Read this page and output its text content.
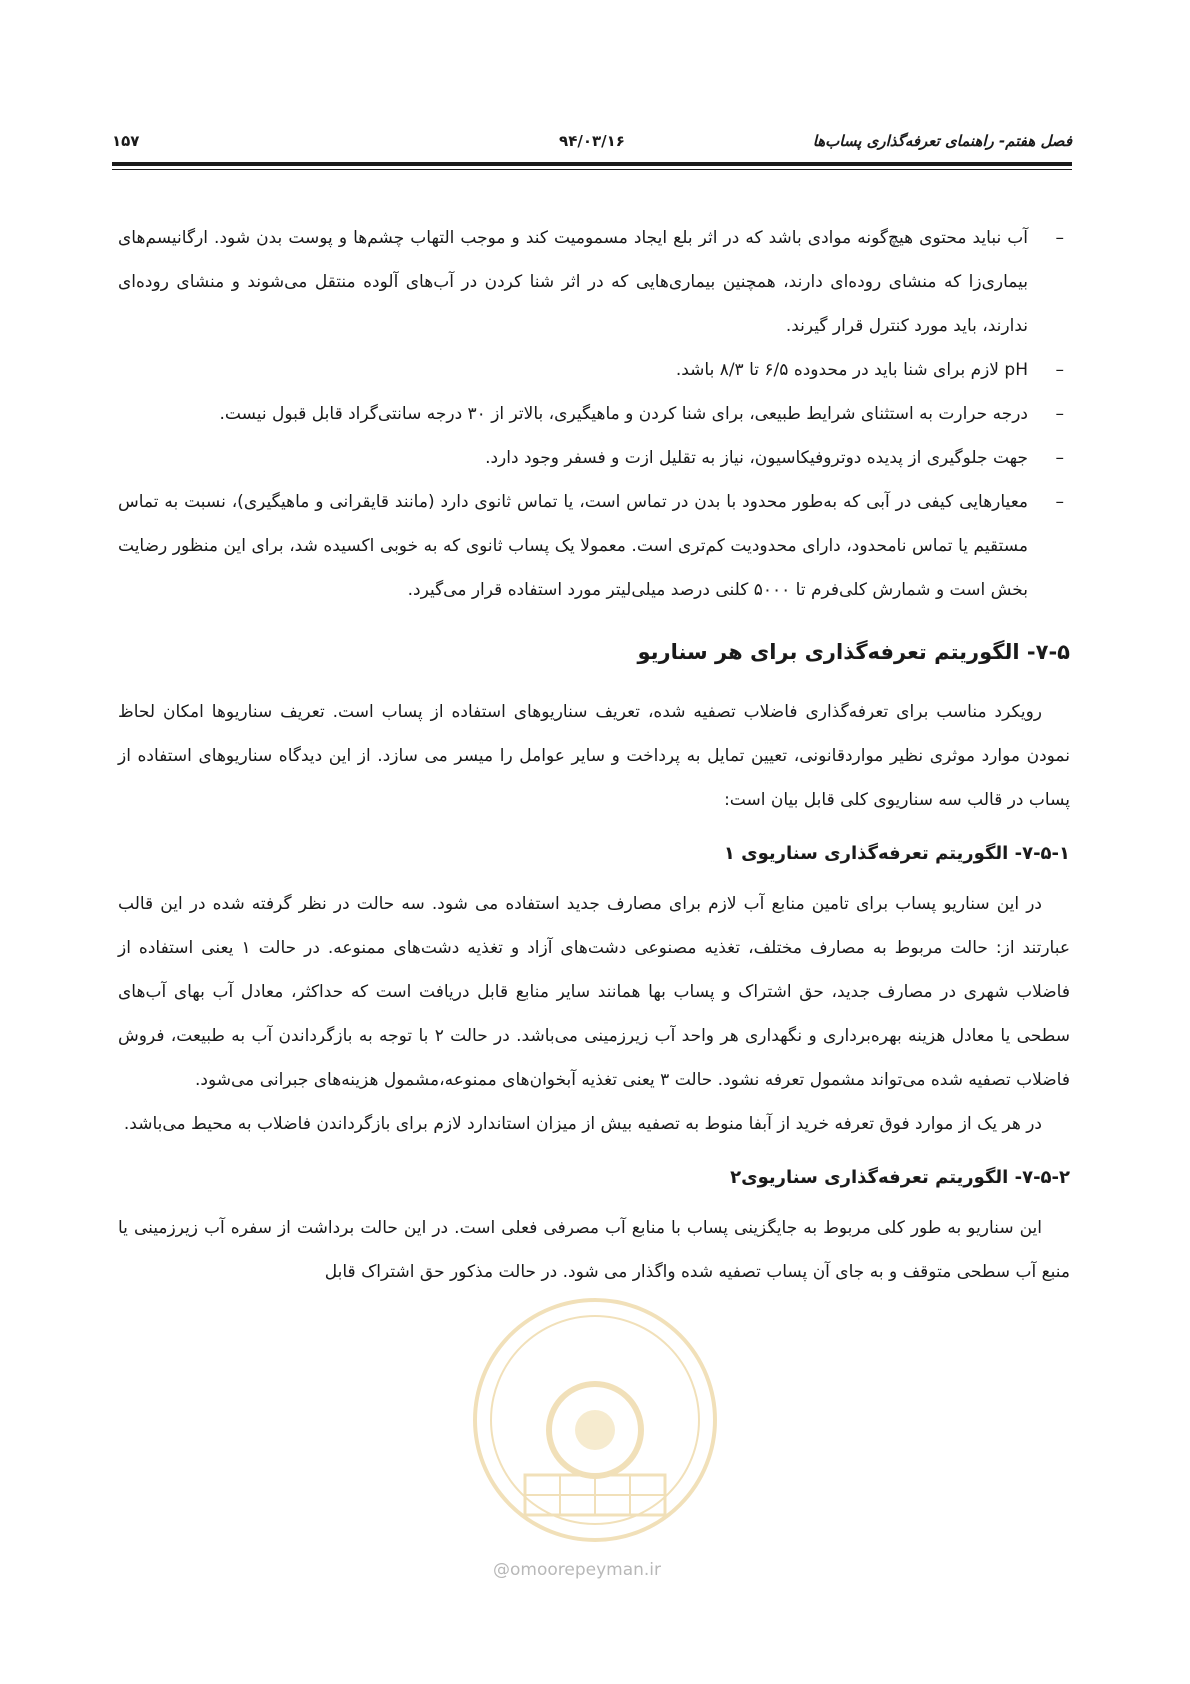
فصل هفتم- راهنمای تعرفه‌گذاری پساب‌ها
۹۴/۰۳/۱۶
۱۵۷
–
آب نباید محتوی هیچ‌گونه موادی باشد که در اثر بلع ایجاد مسمومیت کند و موجب التهاب چشم‌ها و پوست بدن شود. ارگانیسم‌های بیماری‌زا که منشای روده‌ای دارند، همچنین بیماری‌هایی که در اثر شنا کردن در آب‌های آلوده منتقل می‌شوند و منشای روده‌ای ندارند، باید مورد کنترل قرار گیرند.
–
pH لازم برای شنا باید در محدوده ۶/۵ تا ۸/۳ باشد.
–
درجه حرارت به استثنای شرایط طبیعی، برای شنا کردن و ماهیگیری، بالاتر از ۳۰ درجه سانتی‌گراد قابل قبول نیست.
–
جهت جلوگیری از پدیده دوتروفیکاسیون، نیاز به تقلیل ازت و فسفر وجود دارد.
–
معیارهایی کیفی در آبی که به‌طور محدود با بدن در تماس است، یا تماس ثانوی دارد (مانند قایقرانی و ماهیگیری)، نسبت به تماس مستقیم یا تماس نامحدود، دارای محدودیت کم‌تری است. معمولا یک پساب ثانوی که به خوبی اکسیده شد، برای این منظور رضایت بخش است و شمارش کلی‌فرم تا ۵۰۰۰ کلنی درصد میلی‌لیتر مورد استفاده قرار می‌گیرد.
۷-۵- الگوریتم تعرفه‌گذاری برای هر سناریو

رویکرد مناسب برای تعرفه‌گذاری فاضلاب تصفیه شده، تعریف سناریوهای استفاده از پساب است. تعریف سناریوها امکان لحاظ نمودن موارد موثری نظیر مواردقانونی، تعیین تمایل به پرداخت و سایر عوامل را میسر می سازد. از این دیدگاه سناریوهای استفاده از پساب در قالب سه سناریوی کلی قابل بیان است:

۷-۵-۱- الگوریتم تعرفه‌گذاری سناریوی ۱

در این سناریو پساب برای تامین منابع آب لازم برای مصارف جدید استفاده می شود. سه حالت در نظر گرفته شده در این قالب عبارتند از: حالت مربوط به مصارف مختلف، تغذیه مصنوعی دشت‌های آزاد و تغذیه دشت‌های ممنوعه. در حالت ۱ یعنی استفاده از فاضلاب شهری در مصارف جدید، حق اشتراک و پساب بها همانند سایر منابع قابل دریافت است که حداکثر، معادل آب بهای آب‌های سطحی یا معادل هزینه بهره‌برداری و نگهداری هر واحد آب زیرزمینی می‌باشد. در حالت ۲ با توجه به بازگرداندن آب به طبیعت، فروش فاضلاب تصفیه شده می‌تواند مشمول تعرفه نشود. حالت ۳ یعنی تغذیه آبخوان‌های ممنوعه،مشمول هزینه‌های جبرانی می‌شود.

در هر یک از موارد فوق تعرفه خرید از آبفا منوط به تصفیه بیش از میزان استاندارد لازم برای بازگرداندن فاضلاب به محیط می‌باشد.

۷-۵-۲- الگوریتم تعرفه‌گذاری سناریوی۲

این سناریو به طور کلی مربوط به جایگزینی پساب با منابع آب مصرفی فعلی است. در این حالت برداشت از سفره آب زیرزمینی یا منبع آب سطحی متوقف و به جای آن پساب تصفیه شده واگذار می شود. در حالت مذکور حق اشتراک قابل

@omoorepeyman.ir
